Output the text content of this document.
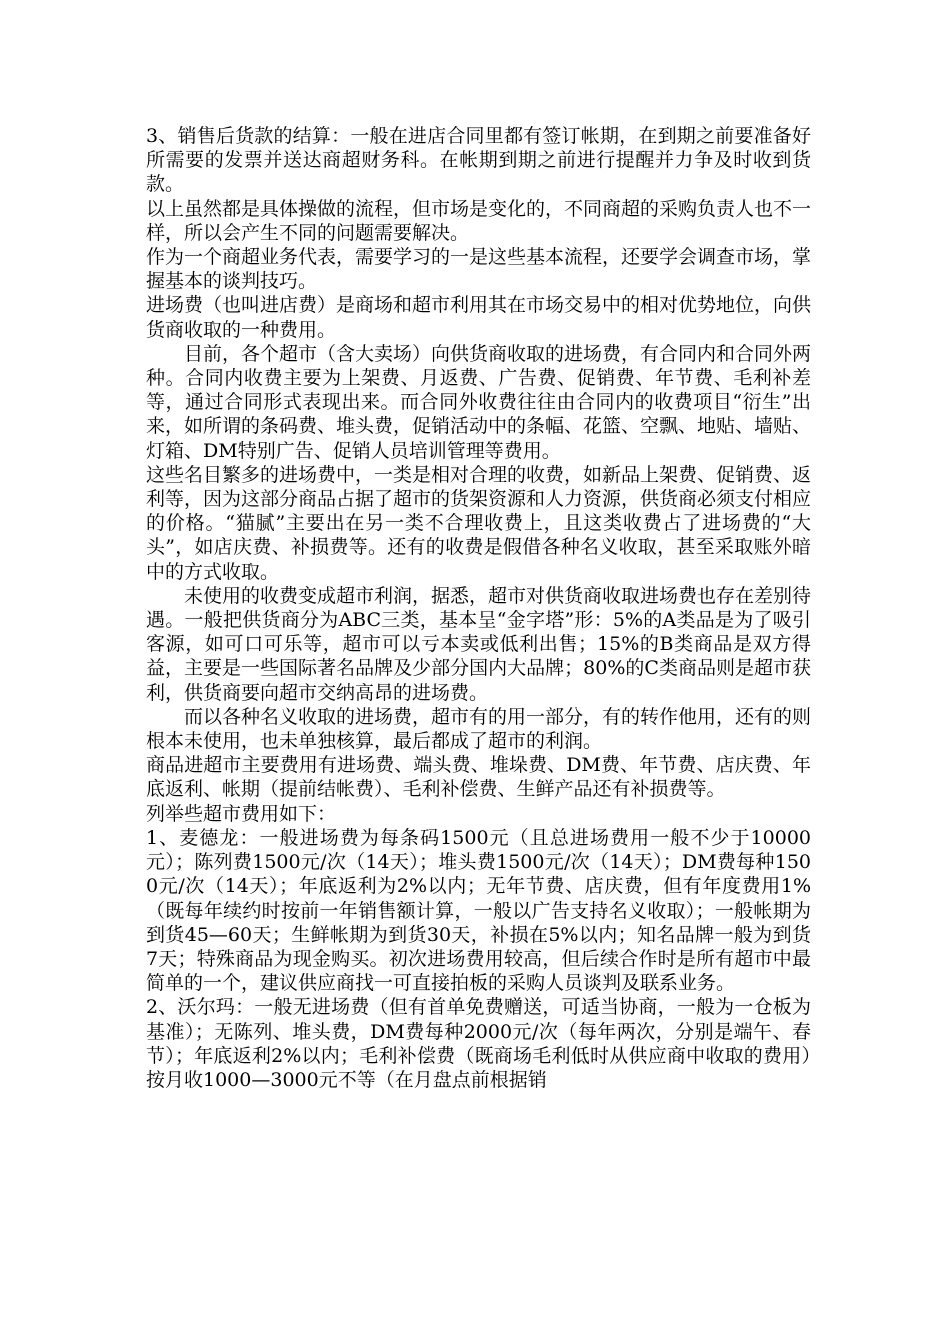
3、销售后货款的结算：一般在进店合同里都有签订帐期，在到期之前要准备好所需要的发票并送达商超财务科。在帐期到期之前进行提醒并力争及时收到货款。

以上虽然都是具体操做的流程，但市场是变化的，不同商超的采购负责人也不一样，所以会产生不同的问题需要解决。

作为一个商超业务代表，需要学习的一是这些基本流程，还要学会调查市场，掌握基本的谈判技巧。

进场费（也叫进店费）是商场和超市利用其在市场交易中的相对优势地位，向供货商收取的一种费用。

目前，各个超市（含大卖场）向供货商收取的进场费，有合同内和合同外两种。合同内收费主要为上架费、月返费、广告费、促销费、年节费、毛利补差等，通过合同形式表现出来。而合同外收费往往由合同内的收费项目“衍生”出来，如所谓的条码费、堆头费，促销活动中的条幅、花篮、空飘、地贴、墙贴、灯箱、DM特别广告、促销人员培训管理等费用。

这些名目繁多的进场费中，一类是相对合理的收费，如新品上架费、促销费、返利等，因为这部分商品占据了超市的货架资源和人力资源，供货商必须支付相应的价格。“猫腻”主要出在另一类不合理收费上，且这类收费占了进场费的“大头”，如店庆费、补损费等。还有的收费是假借各种名义收取，甚至采取账外暗中的方式收取。

未使用的收费变成超市利润，据悉，超市对供货商收取进场费也存在差别待遇。一般把供货商分为ABC三类，基本呈“金字塔”形：5%的A类品是为了吸引客源，如可口可乐等，超市可以亏本卖或低利出售；15%的B类商品是双方得益，主要是一些国际著名品牌及少部分国内大品牌；80%的C类商品则是超市获利，供货商要向超市交纳高昂的进场费。

而以各种名义收取的进场费，超市有的用一部分，有的转作他用，还有的则根本未使用，也未单独核算，最后都成了超市的利润。

商品进超市主要费用有进场费、端头费、堆垛费、DM费、年节费、店庆费、年底返利、帐期（提前结帐费）、毛利补偿费、生鲜产品还有补损费等。

列举些超市费用如下：

1、麦德龙：一般进场费为每条码1500元（且总进场费用一般不少于10000元）；陈列费1500元/次（14天）；堆头费1500元/次（14天）；DM费每种1500元/次（14天）；年底返利为2%以内；无年节费、店庆费，但有年度费用1%（既每年续约时按前一年销售额计算，一般以广告支持名义收取）；一般帐期为到货45—60天；生鲜帐期为到货30天，补损在5%以内；知名品牌一般为到货7天；特殊商品为现金购买。初次进场费用较高，但后续合作时是所有超市中最简单的一个，建议供应商找一可直接拍板的采购人员谈判及联系业务。

2、沃尔玛：一般无进场费（但有首单免费赠送，可适当协商，一般为一仓板为基准）；无陈列、堆头费，DM费每种2000元/次（每年两次，分别是端午、春节）；年底返利2%以内；毛利补偿费（既商场毛利低时从供应商中收取的费用）按月收1000—3000元不等（在月盘点前根据销
